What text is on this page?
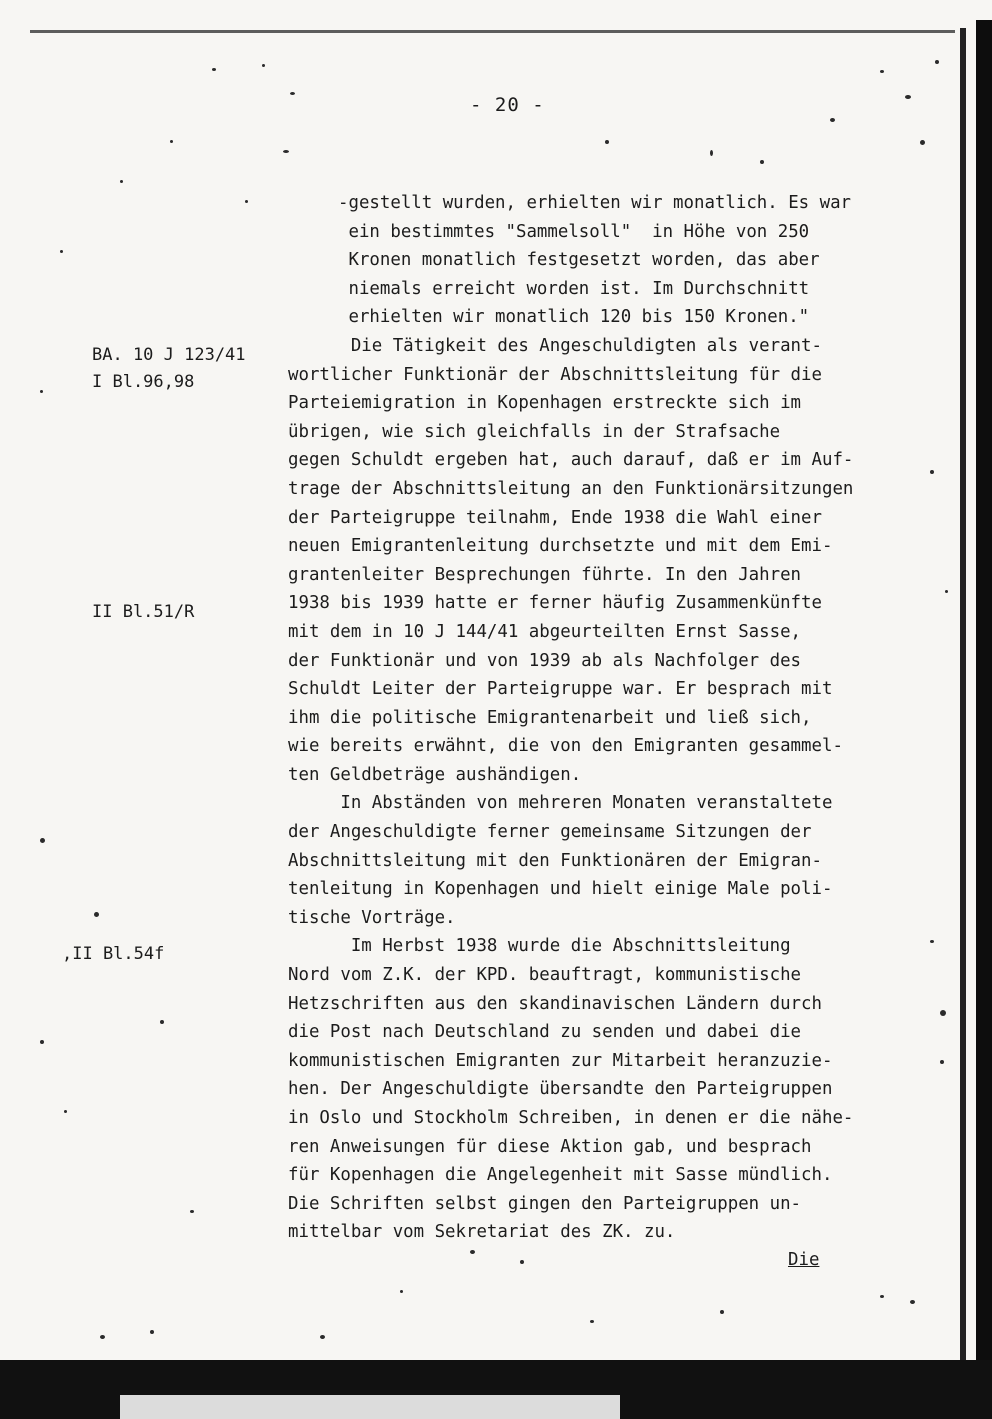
- 20 -
BA. 10 J 123/41
I Bl.96,98
II Bl.51/R
,II Bl.54f
-gestellt wurden, erhielten wir monatlich. Es war
ein bestimmtes "Sammelsoll"  in Höhe von 250
Kronen monatlich festgesetzt worden, das aber
niemals erreicht worden ist. Im Durchschnitt
erhielten wir monatlich 120 bis 150 Kronen."
Die Tätigkeit des Angeschuldigten als verant-
wortlicher Funktionär der Abschnittsleitung für die
Parteiemigration in Kopenhagen erstreckte sich im
übrigen, wie sich gleichfalls in der Strafsache
gegen Schuldt ergeben hat, auch darauf, daß er im Auf-
trage der Abschnittsleitung an den Funktionärsitzungen
der Parteigruppe teilnahm, Ende 1938 die Wahl einer
neuen Emigrantenleitung durchsetzte und mit dem Emi-
grantenleiter Besprechungen führte. In den Jahren
1938 bis 1939 hatte er ferner häufig Zusammenkünfte
mit dem in 10 J 144/41 abgeurteilten Ernst Sasse,
der Funktionär und von 1939 ab als Nachfolger des
Schuldt Leiter der Parteigruppe war. Er besprach mit
ihm die politische Emigrantenarbeit und ließ sich,
wie bereits erwähnt, die von den Emigranten gesammel-
ten Geldbeträge aushändigen.
In Abständen von mehreren Monaten veranstaltete
der Angeschuldigte ferner gemeinsame Sitzungen der
Abschnittsleitung mit den Funktionären der Emigran-
tenleitung in Kopenhagen und hielt einige Male poli-
tische Vorträge.
Im Herbst 1938 wurde die Abschnittsleitung
Nord vom Z.K. der KPD. beauftragt, kommunistische
Hetzschriften aus den skandinavischen Ländern durch
die Post nach Deutschland zu senden und dabei die
kommunistischen Emigranten zur Mitarbeit heranzuzie-
hen. Der Angeschuldigte übersandte den Parteigruppen
in Oslo und Stockholm Schreiben, in denen er die nähe-
ren Anweisungen für diese Aktion gab, und besprach
für Kopenhagen die Angelegenheit mit Sasse mündlich.
Die Schriften selbst gingen den Parteigruppen un-
mittelbar vom Sekretariat des ZK. zu.
Die
